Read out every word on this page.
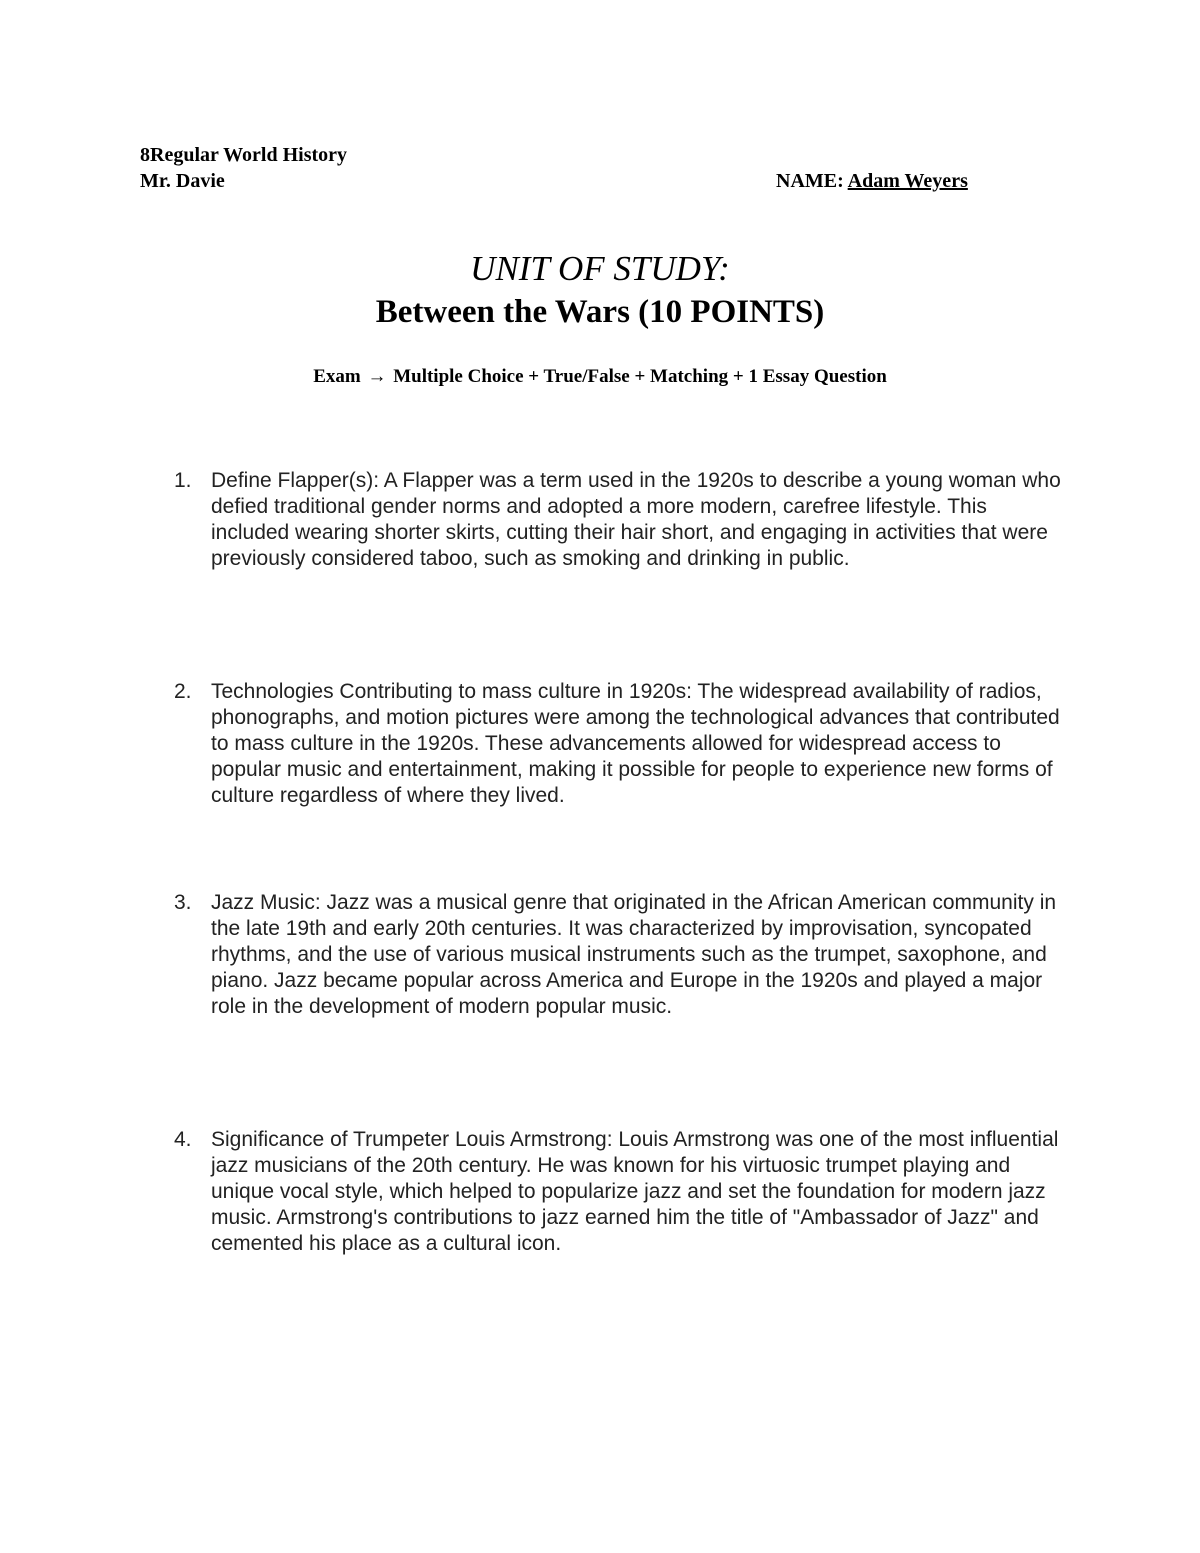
8Regular World History
Mr. Davie	NAME: Adam Weyers
UNIT OF STUDY:
Between the Wars (10 POINTS)
Exam → Multiple Choice + True/False + Matching + 1 Essay Question
1. Define Flapper(s): A Flapper was a term used in the 1920s to describe a young woman who defied traditional gender norms and adopted a more modern, carefree lifestyle. This included wearing shorter skirts, cutting their hair short, and engaging in activities that were previously considered taboo, such as smoking and drinking in public.
2. Technologies Contributing to mass culture in 1920s: The widespread availability of radios, phonographs, and motion pictures were among the technological advances that contributed to mass culture in the 1920s. These advancements allowed for widespread access to popular music and entertainment, making it possible for people to experience new forms of culture regardless of where they lived.
3. Jazz Music: Jazz was a musical genre that originated in the African American community in the late 19th and early 20th centuries. It was characterized by improvisation, syncopated rhythms, and the use of various musical instruments such as the trumpet, saxophone, and piano. Jazz became popular across America and Europe in the 1920s and played a major role in the development of modern popular music.
4. Significance of Trumpeter Louis Armstrong: Louis Armstrong was one of the most influential jazz musicians of the 20th century. He was known for his virtuosic trumpet playing and unique vocal style, which helped to popularize jazz and set the foundation for modern jazz music. Armstrong's contributions to jazz earned him the title of "Ambassador of Jazz" and cemented his place as a cultural icon.
